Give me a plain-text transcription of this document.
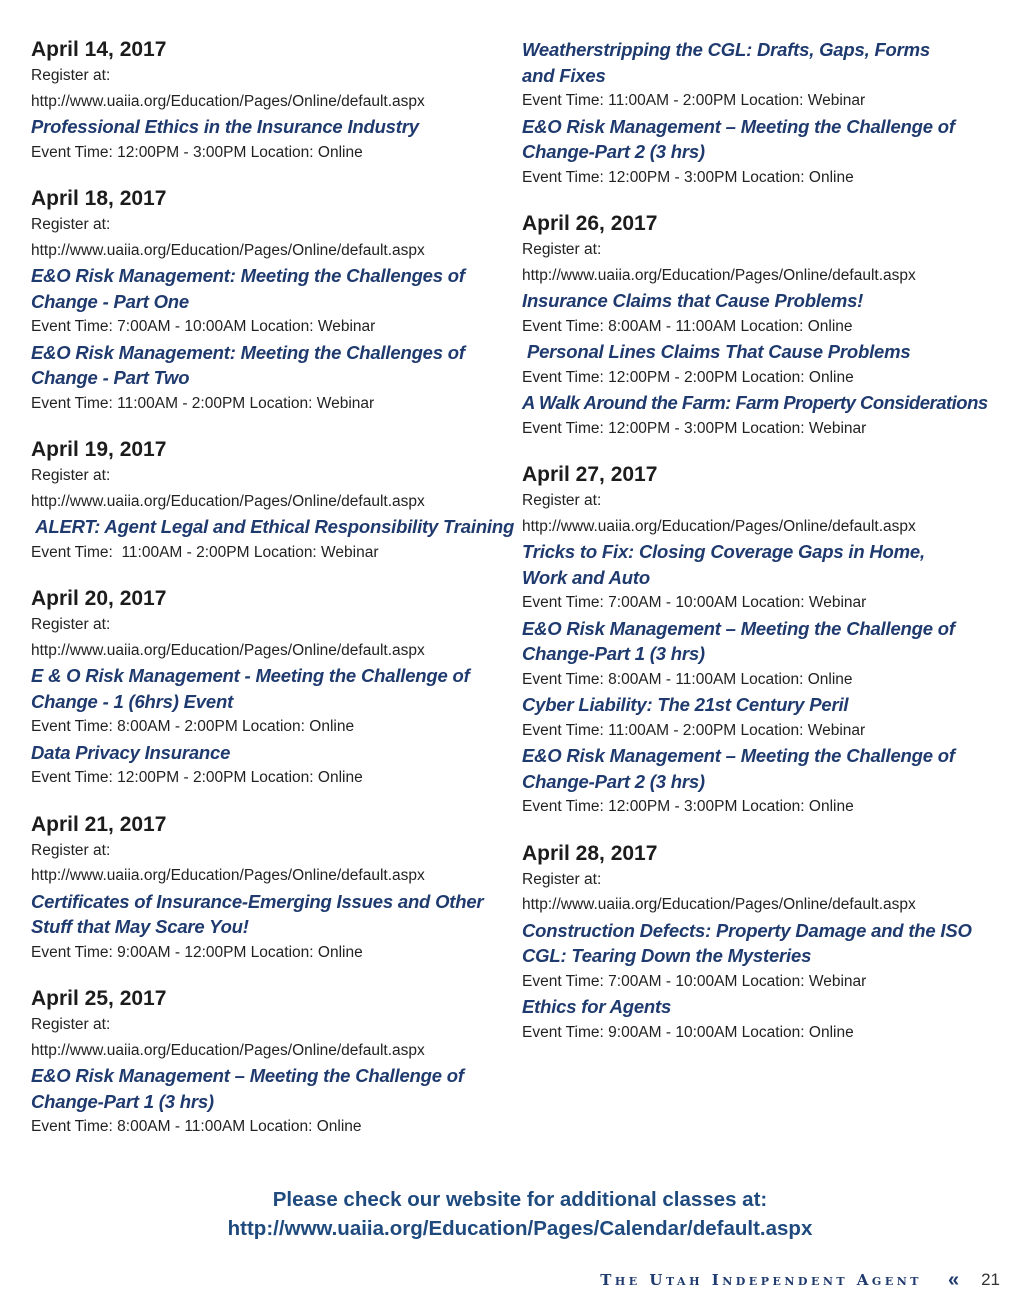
April 14, 2017
Register at:
http://www.uaiia.org/Education/Pages/Online/default.aspx
Professional Ethics in the Insurance Industry
Event Time: 12:00PM - 3:00PM Location: Online
April 18, 2017
Register at:
http://www.uaiia.org/Education/Pages/Online/default.aspx
E&O Risk Management: Meeting the Challenges of Change - Part One
Event Time: 7:00AM - 10:00AM Location: Webinar
E&O Risk Management: Meeting the Challenges of Change - Part Two
Event Time: 11:00AM - 2:00PM Location: Webinar
April 19, 2017
Register at:
http://www.uaiia.org/Education/Pages/Online/default.aspx
ALERT: Agent Legal and Ethical Responsibility Training
Event Time:  11:00AM - 2:00PM Location: Webinar
April 20, 2017
Register at:
http://www.uaiia.org/Education/Pages/Online/default.aspx
E & O Risk Management - Meeting the Challenge of Change - 1 (6hrs) Event
Event Time: 8:00AM - 2:00PM Location: Online
Data Privacy Insurance
Event Time: 12:00PM - 2:00PM Location: Online
April 21, 2017
Register at:
http://www.uaiia.org/Education/Pages/Online/default.aspx
Certificates of Insurance-Emerging Issues and Other Stuff that May Scare You!
Event Time: 9:00AM - 12:00PM Location: Online
April 25, 2017
Register at:
http://www.uaiia.org/Education/Pages/Online/default.aspx
E&O Risk Management – Meeting the Challenge of Change-Part 1 (3 hrs)
Event Time: 8:00AM - 11:00AM Location: Online
Weatherstripping the CGL: Drafts, Gaps, Forms and Fixes
Event Time: 11:00AM - 2:00PM Location: Webinar
E&O Risk Management – Meeting the Challenge of Change-Part 2 (3 hrs)
Event Time: 12:00PM - 3:00PM Location: Online
April 26, 2017
Register at:
http://www.uaiia.org/Education/Pages/Online/default.aspx
Insurance Claims that Cause Problems!
Event Time: 8:00AM - 11:00AM Location: Online
Personal Lines Claims That Cause Problems
Event Time: 12:00PM - 2:00PM Location: Online
A Walk Around the Farm: Farm Property Considerations
Event Time: 12:00PM - 3:00PM Location: Webinar
April 27, 2017
Register at:
http://www.uaiia.org/Education/Pages/Online/default.aspx
Tricks to Fix: Closing Coverage Gaps in Home, Work and Auto
Event Time: 7:00AM - 10:00AM Location: Webinar
E&O Risk Management – Meeting the Challenge of Change-Part 1 (3 hrs)
Event Time: 8:00AM - 11:00AM Location: Online
Cyber Liability: The 21st Century Peril
Event Time: 11:00AM - 2:00PM Location: Webinar
E&O Risk Management – Meeting the Challenge of Change-Part 2 (3 hrs)
Event Time: 12:00PM - 3:00PM Location: Online
April 28, 2017
Register at:
http://www.uaiia.org/Education/Pages/Online/default.aspx
Construction Defects: Property Damage and the ISO CGL: Tearing Down the Mysteries
Event Time: 7:00AM - 10:00AM Location: Webinar
Ethics for Agents
Event Time: 9:00AM - 10:00AM Location: Online
Please check our website for additional classes at:
http://www.uaiia.org/Education/Pages/Calendar/default.aspx
The Utah Independent Agent « 21
